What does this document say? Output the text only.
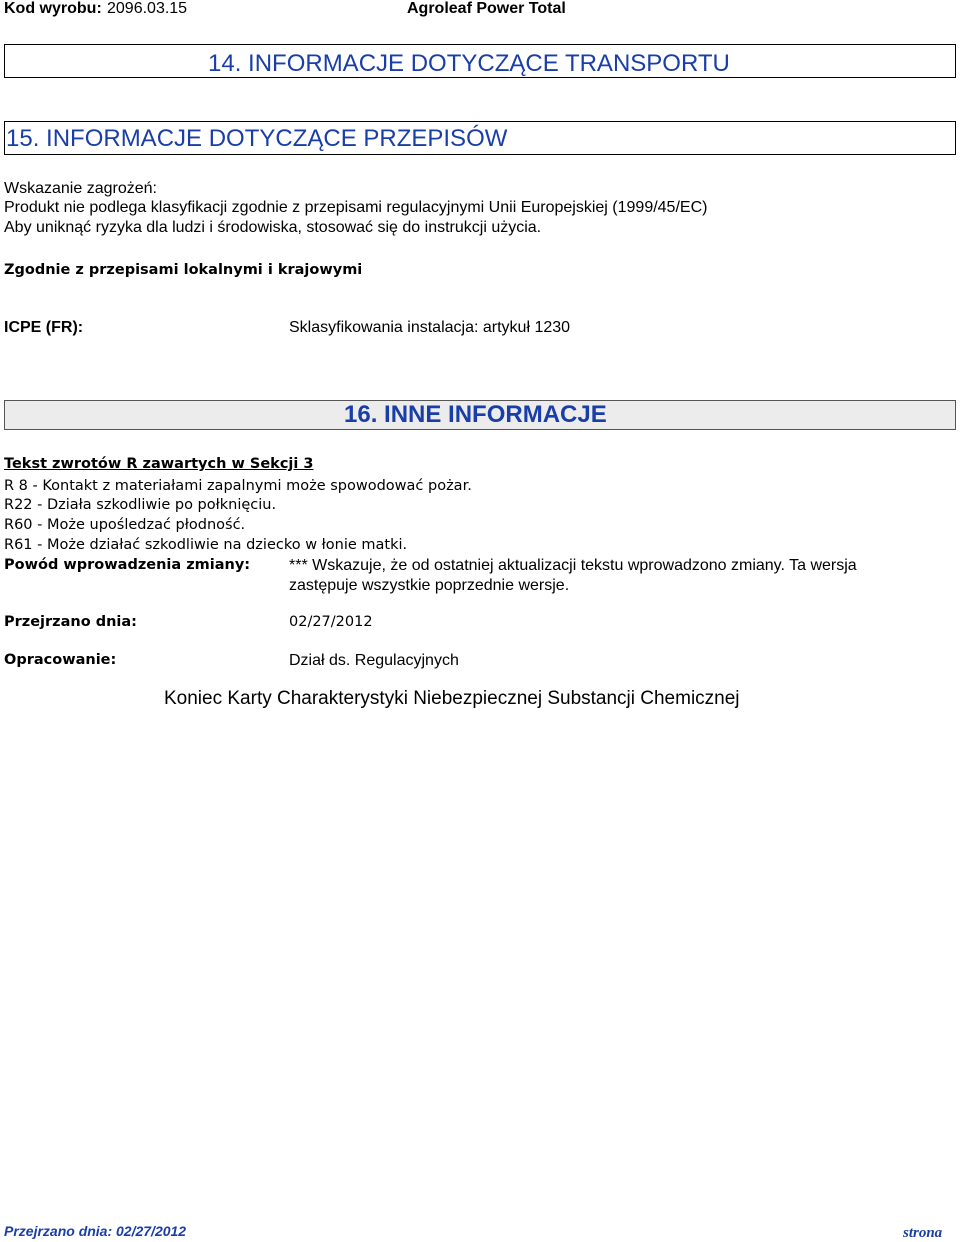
Kod wyrobu: 2096.03.15	Agroleaf Power Total
14. INFORMACJE DOTYCZĄCE TRANSPORTU
15. INFORMACJE DOTYCZĄCE PRZEPISÓW
Wskazanie zagrożeń:
Produkt nie podlega klasyfikacji zgodnie z przepisami regulacyjnymi Unii Europejskiej (1999/45/EC)
Aby uniknąć ryzyka dla ludzi i środowiska, stosować się do instrukcji użycia.
Zgodnie z przepisami lokalnymi i krajowymi
ICPE (FR):	Sklasyfikowania instalacja: artykuł 1230
16. INNE INFORMACJE
Tekst zwrotów R zawartych w Sekcji 3
R 8 - Kontakt z materiałami zapalnymi może spowodować pożar.
R22 - Działa szkodliwie po połknięciu.
R60 - Może upośledzać płodność.
R61 - Może działać szkodliwie na dziecko w łonie matki.
Powód wprowadzenia zmiany: *** Wskazuje, że od ostatniej aktualizacji tekstu wprowadzono zmiany. Ta wersja
zastępuje wszystkie poprzednie wersje.
Przejrzano dnia:	02/27/2012
Opracowanie:	Dział ds. Regulacyjnych
Koniec Karty Charakterystyki Niebezpiecznej Substancji Chemicznej
Przejrzano dnia: 02/27/2012	strona
